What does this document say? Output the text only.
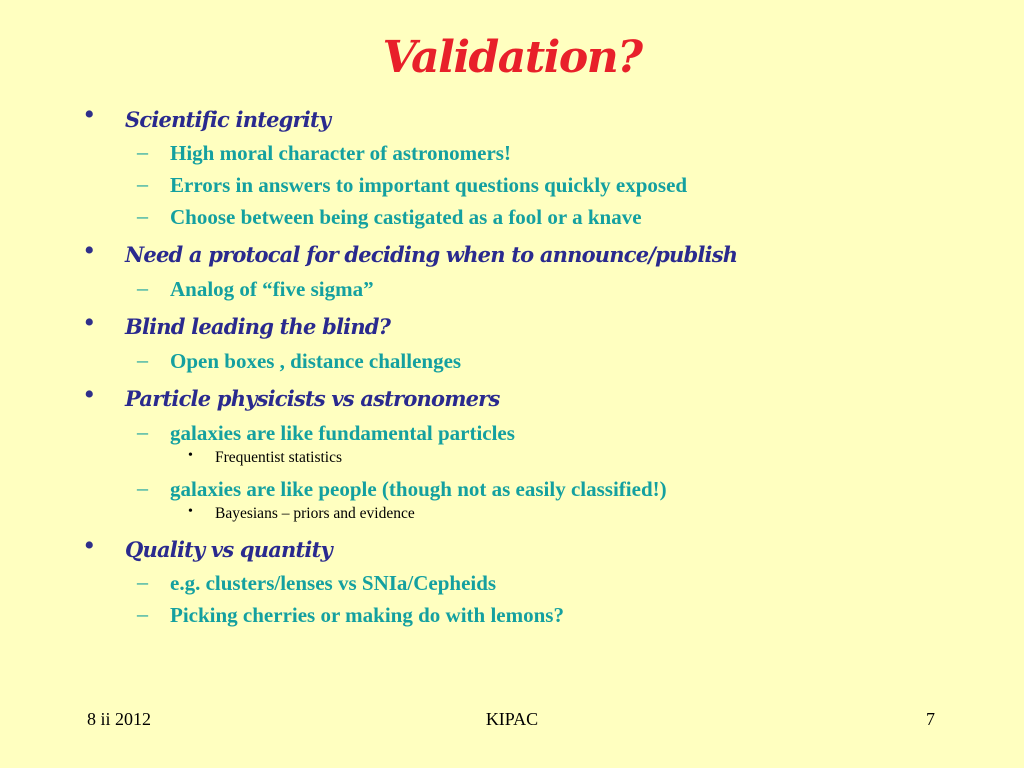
Validation?
• Scientific integrity
– High moral character of astronomers!
– Errors in answers to important questions quickly exposed
– Choose between being castigated as a fool or a knave
• Need a protocal for deciding when to announce/publish
– Analog of “five sigma”
• Blind leading the blind?
– Open boxes , distance challenges
• Particle physicists vs astronomers
– galaxies are like fundamental particles
• Frequentist statistics
– galaxies are like people (though not as easily classified!)
• Bayesians – priors and evidence
• Quality vs quantity
– e.g. clusters/lenses vs SNIa/Cepheids
– Picking cherries or making do with lemons?
8 ii 2012	KIPAC	7
